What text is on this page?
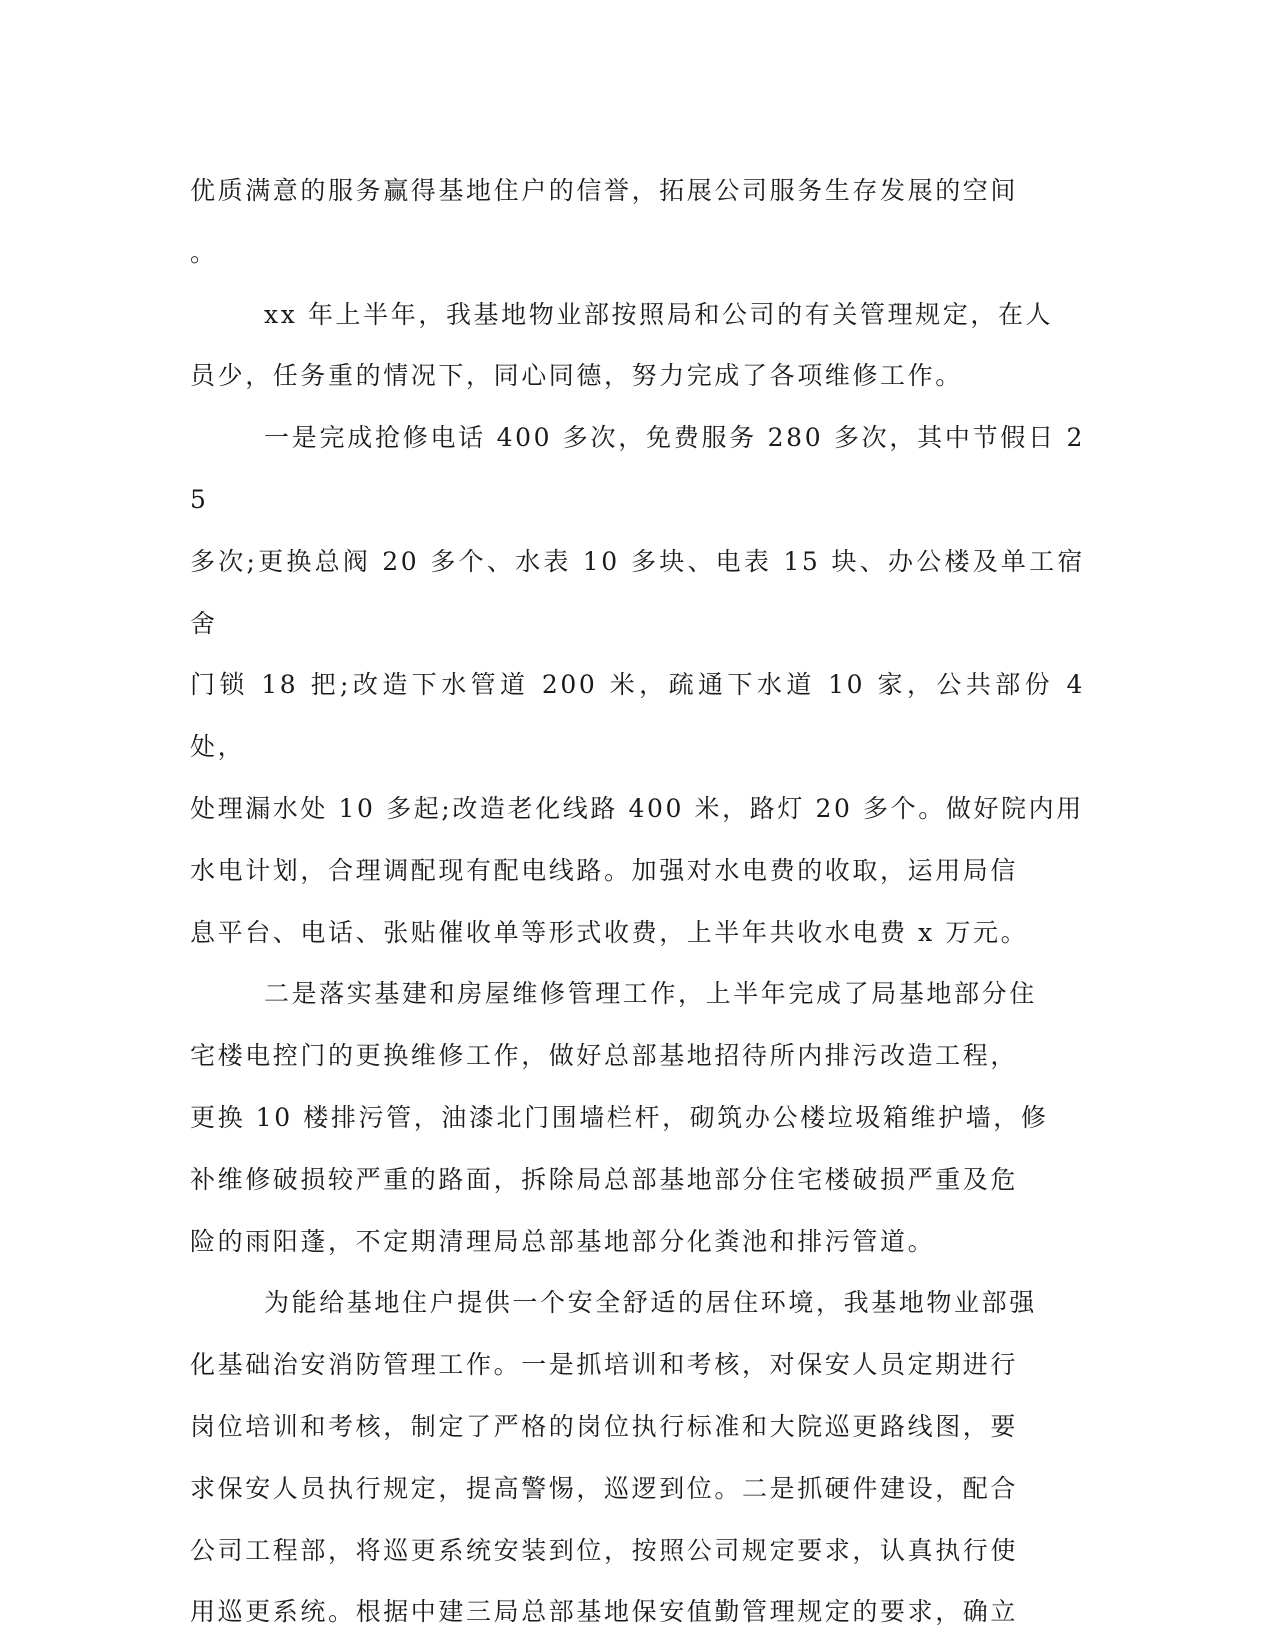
优质满意的服务赢得基地住户的信誉，拓展公司服务生存发展的空间
。

xx 年上半年，我基地物业部按照局和公司的有关管理规定，在人
员少，任务重的情况下，同心同德，努力完成了各项维修工作。

一是完成抢修电话 400 多次，免费服务 280 多次，其中节假日 25
多次;更换总阀 20 多个、水表 10 多块、电表 15 块、办公楼及单工宿舍
门锁 18 把;改造下水管道 200 米，疏通下水道 10 家，公共部份 4 处，
处理漏水处 10 多起;改造老化线路 400 米，路灯 20 多个。做好院内用
水电计划，合理调配现有配电线路。加强对水电费的收取，运用局信
息平台、电话、张贴催收单等形式收费，上半年共收水电费 x 万元。

二是落实基建和房屋维修管理工作，上半年完成了局基地部分住
宅楼电控门的更换维修工作，做好总部基地招待所内排污改造工程，
更换 10 楼排污管，油漆北门围墙栏杆，砌筑办公楼垃圾箱维护墙，修
补维修破损较严重的路面，拆除局总部基地部分住宅楼破损严重及危
险的雨阳蓬，不定期清理局总部基地部分化粪池和排污管道。

为能给基地住户提供一个安全舒适的居住环境，我基地物业部强
化基础治安消防管理工作。一是抓培训和考核，对保安人员定期进行
岗位培训和考核，制定了严格的岗位执行标准和大院巡更路线图，要
求保安人员执行规定，提高警惕，巡逻到位。二是抓硬件建设，配合
公司工程部，将巡更系统安装到位，按照公司规定要求，认真执行使
用巡更系统。根据中建三局总部基地保安值勤管理规定的要求，确立
